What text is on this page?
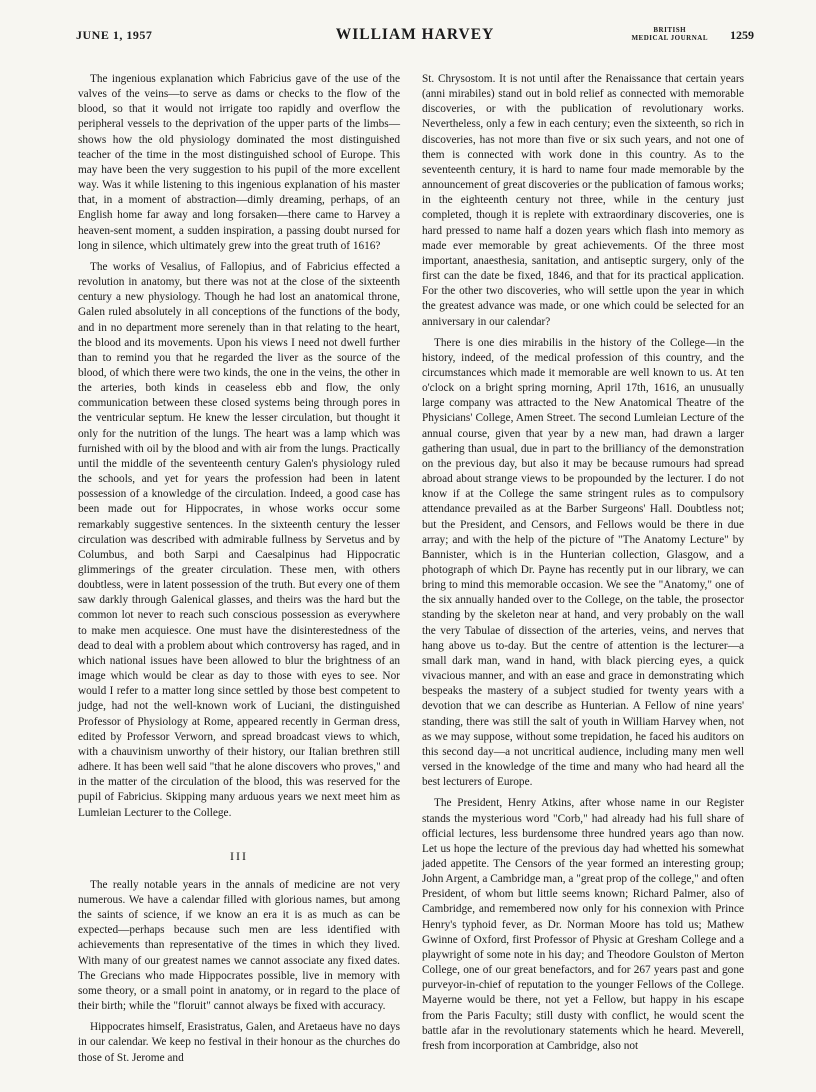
JUNE 1, 1957	WILLIAM HARVEY	BRITISH
MEDICAL JOURNAL 1259

The ingenious explanation which Fabricius gave of the use of the valves of the veins—to serve as dams or checks to the flow of the blood, so that it would not irrigate too rapidly and overflow the peripheral vessels to the deprivation of the upper parts of the limbs—shows how the old physiology dominated the most distinguished teacher of the time in the most distinguished school of Europe. This may have been the very suggestion to his pupil of the more excellent way. Was it while listening to this ingenious explanation of his master that, in a moment of abstraction—dimly dreaming, perhaps, of an English home far away and long forsaken—there came to Harvey a heaven-sent moment, a sudden inspiration, a passing doubt nursed for long in silence, which ultimately grew into the great truth of 1616?

The works of Vesalius, of Fallopius, and of Fabricius effected a revolution in anatomy, but there was not at the close of the sixteenth century a new physiology. Though he had lost an anatomical throne, Galen ruled absolutely in all conceptions of the functions of the body, and in no department more serenely than in that relating to the heart, the blood and its movements. Upon his views I need not dwell further than to remind you that he regarded the liver as the source of the blood, of which there were two kinds, the one in the veins, the other in the arteries, both kinds in ceaseless ebb and flow, the only communication between these closed systems being through pores in the ventricular septum. He knew the lesser circulation, but thought it only for the nutrition of the lungs. The heart was a lamp which was furnished with oil by the blood and with air from the lungs. Practically until the middle of the seventeenth century Galen's physiology ruled the schools, and yet for years the profession had been in latent possession of a knowledge of the circulation. Indeed, a good case has been made out for Hippocrates, in whose works occur some remarkably suggestive sentences. In the sixteenth century the lesser circulation was described with admirable fullness by Servetus and by Columbus, and both Sarpi and Caesalpinus had Hippocratic glimmerings of the greater circulation. These men, with others doubtless, were in latent possession of the truth. But every one of them saw darkly through Galenical glasses, and theirs was the hard but the common lot never to reach such conscious possession as everywhere to make men acquiesce. One must have the disinterestedness of the dead to deal with a problem about which controversy has raged, and in which national issues have been allowed to blur the brightness of an image which would be clear as day to those with eyes to see. Nor would I refer to a matter long since settled by those best competent to judge, had not the well-known work of Luciani, the distinguished Professor of Physiology at Rome, appeared recently in German dress, edited by Professor Verworn, and spread broadcast views to which, with a chauvinism unworthy of their history, our Italian brethren still adhere. It has been well said "that he alone discovers who proves," and in the matter of the circulation of the blood, this was reserved for the pupil of Fabricius. Skipping many arduous years we next meet him as Lumleian Lecturer to the College.

III

The really notable years in the annals of medicine are not very numerous. We have a calendar filled with glorious names, but among the saints of science, if we know an era it is as much as can be expected—perhaps because such men are less identified with achievements than representative of the times in which they lived. With many of our greatest names we cannot associate any fixed dates. The Grecians who made Hippocrates possible, live in memory with some theory, or a small point in anatomy, or in regard to the place of their birth; while the "floruit" cannot always be fixed with accuracy.

Hippocrates himself, Erasistratus, Galen, and Aretaeus have no days in our calendar. We keep no festival in their honour as the churches do those of St. Jerome and

St. Chrysostom. It is not until after the Renaissance that certain years (anni mirabiles) stand out in bold relief as connected with memorable discoveries, or with the publication of revolutionary works. Nevertheless, only a few in each century; even the sixteenth, so rich in discoveries, has not more than five or six such years, and not one of them is connected with work done in this country. As to the seventeenth century, it is hard to name four made memorable by the announcement of great discoveries or the publication of famous works; in the eighteenth century not three, while in the century just completed, though it is replete with extraordinary discoveries, one is hard pressed to name half a dozen years which flash into memory as made ever memorable by great achievements. Of the three most important, anaesthesia, sanitation, and antiseptic surgery, only of the first can the date be fixed, 1846, and that for its practical application. For the other two discoveries, who will settle upon the year in which the greatest advance was made, or one which could be selected for an anniversary in our calendar?

There is one dies mirabilis in the history of the College—in the history, indeed, of the medical profession of this country, and the circumstances which made it memorable are well known to us. At ten o'clock on a bright spring morning, April 17th, 1616, an unusually large company was attracted to the New Anatomical Theatre of the Physicians' College, Amen Street. The second Lumleian Lecture of the annual course, given that year by a new man, had drawn a larger gathering than usual, due in part to the brilliancy of the demonstration on the previous day, but also it may be because rumours had spread abroad about strange views to be propounded by the lecturer. I do not know if at the College the same stringent rules as to compulsory attendance prevailed as at the Barber Surgeons' Hall. Doubtless not; but the President, and Censors, and Fellows would be there in due array; and with the help of the picture of "The Anatomy Lecture" by Bannister, which is in the Hunterian collection, Glasgow, and a photograph of which Dr. Payne has recently put in our library, we can bring to mind this memorable occasion. We see the "Anatomy," one of the six annually handed over to the College, on the table, the prosector standing by the skeleton near at hand, and very probably on the wall the very Tabulae of dissection of the arteries, veins, and nerves that hang above us to-day. But the centre of attention is the lecturer—a small dark man, wand in hand, with black piercing eyes, a quick vivacious manner, and with an ease and grace in demonstrating which bespeaks the mastery of a subject studied for twenty years with a devotion that we can describe as Hunterian. A Fellow of nine years' standing, there was still the salt of youth in William Harvey when, not as we may suppose, without some trepidation, he faced his auditors on this second day—a not uncritical audience, including many men well versed in the knowledge of the time and many who had heard all the best lecturers of Europe.

The President, Henry Atkins, after whose name in our Register stands the mysterious word "Corb," had already had his full share of official lectures, less burdensome three hundred years ago than now. Let us hope the lecture of the previous day had whetted his somewhat jaded appetite. The Censors of the year formed an interesting group; John Argent, a Cambridge man, a "great prop of the college," and often President, of whom but little seems known; Richard Palmer, also of Cambridge, and remembered now only for his connexion with Prince Henry's typhoid fever, as Dr. Norman Moore has told us; Mathew Gwinne of Oxford, first Professor of Physic at Gresham College and a playwright of some note in his day; and Theodore Goulston of Merton College, one of our great benefactors, and for 267 years past and gone purveyor-in-chief of reputation to the younger Fellows of the College. Mayerne would be there, not yet a Fellow, but happy in his escape from the Paris Faculty; still dusty with conflict, he would scent the battle afar in the revolutionary statements which he heard. Meverell, fresh from incorporation at Cambridge, also not
